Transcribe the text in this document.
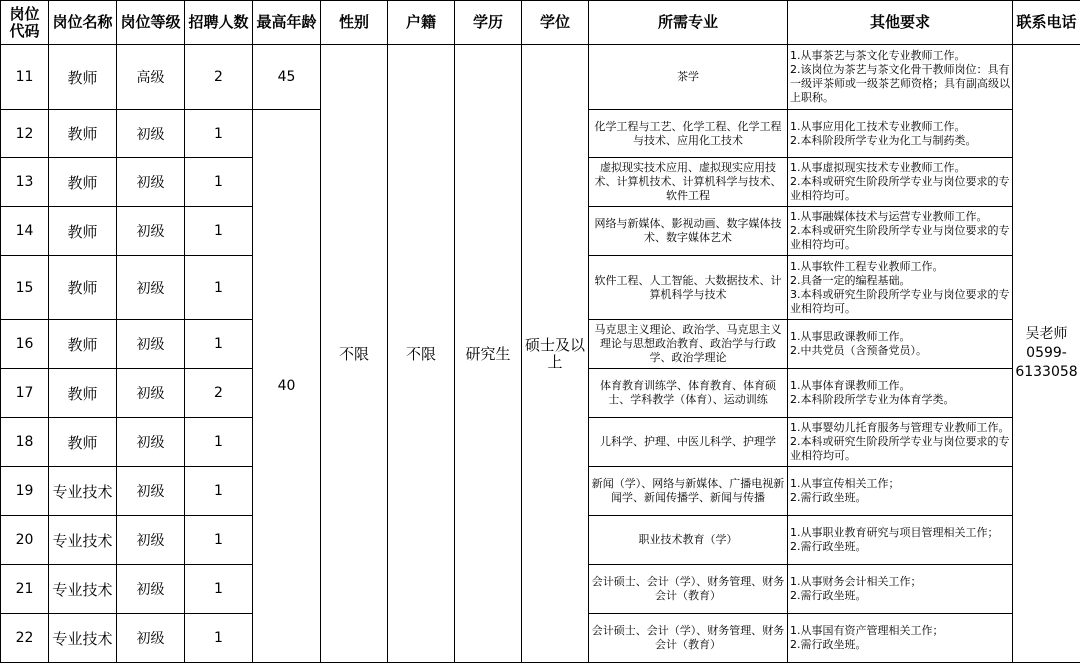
岗位代码	岗位名称	岗位等级	招聘人数	最高年龄	性别	户籍	学历	学位	所需专业	其他要求	联系电话
11	教师	高级	2	45	不限	不限	研究生	硕士及以上	茶学	1.从事茶艺与茶文化专业教师工作。
2.该岗位为茶艺与茶文化骨干教师岗位：具有一级评茶师或一级茶艺师资格；具有副高级以上职称。	吴老师0599-6133058
12	教师	初级	1	40					化学工程与工艺、化学工程、化学工程与技术、应用化工技术	1.从事应用化工技术专业教师工作。
2.本科阶段所学专业为化工与制药类。	

13	教师	初级	1						虚拟现实技术应用、虚拟现实应用技术、计算机技术、计算机科学与技术、软件工程	1.从事虚拟现实技术专业教师工作。
2.本科或研究生阶段所学专业与岗位要求的专业相符均可。	

14	教师	初级	1						网络与新媒体、影视动画、数字媒体技术、数字媒体艺术	1.从事融媒体技术与运营专业教师工作。
2.本科或研究生阶段所学专业与岗位要求的专业相符均可。	

15	教师	初级	1						软件工程、人工智能、大数据技术、计算机科学与技术	1.从事软件工程专业教师工作。
2.具备一定的编程基础。
3.本科或研究生阶段所学专业与岗位要求的专业相符均可。	

16	教师	初级	1						马克思主义理论、政治学、马克思主义理论与思想政治教育、政治学与行政学、政治学理论	1.从事思政课教师工作。
2.中共党员（含预备党员）。	

17	教师	初级	2						体育教育训练学、体育教育、体育硕士、学科教学（体育）、运动训练	1.从事体育课教师工作。
2.本科阶段所学专业为体育学类。	

18	教师	初级	1						儿科学、护理、中医儿科学、护理学	1.从事婴幼儿托育服务与管理专业教师工作。
2.本科或研究生阶段所学专业与岗位要求的专业相符均可。	

19	专业技术	初级	1						新闻（学）、网络与新媒体、广播电视新闻学、新闻传播学、新闻与传播	1.从事宣传相关工作；
2.需行政坐班。	

20	专业技术	初级	1						职业技术教育（学）	1.从事职业教育研究与项目管理相关工作；
2.需行政坐班。	

21	专业技术	初级	1						会计硕士、会计（学）、财务管理、财务会计（教育）	1.从事财务会计相关工作；
2.需行政坐班。	

22	专业技术	初级	1						会计硕士、会计（学）、财务管理、财务会计（教育）	1.从事国有资产管理相关工作；
2.需行政坐班。	
